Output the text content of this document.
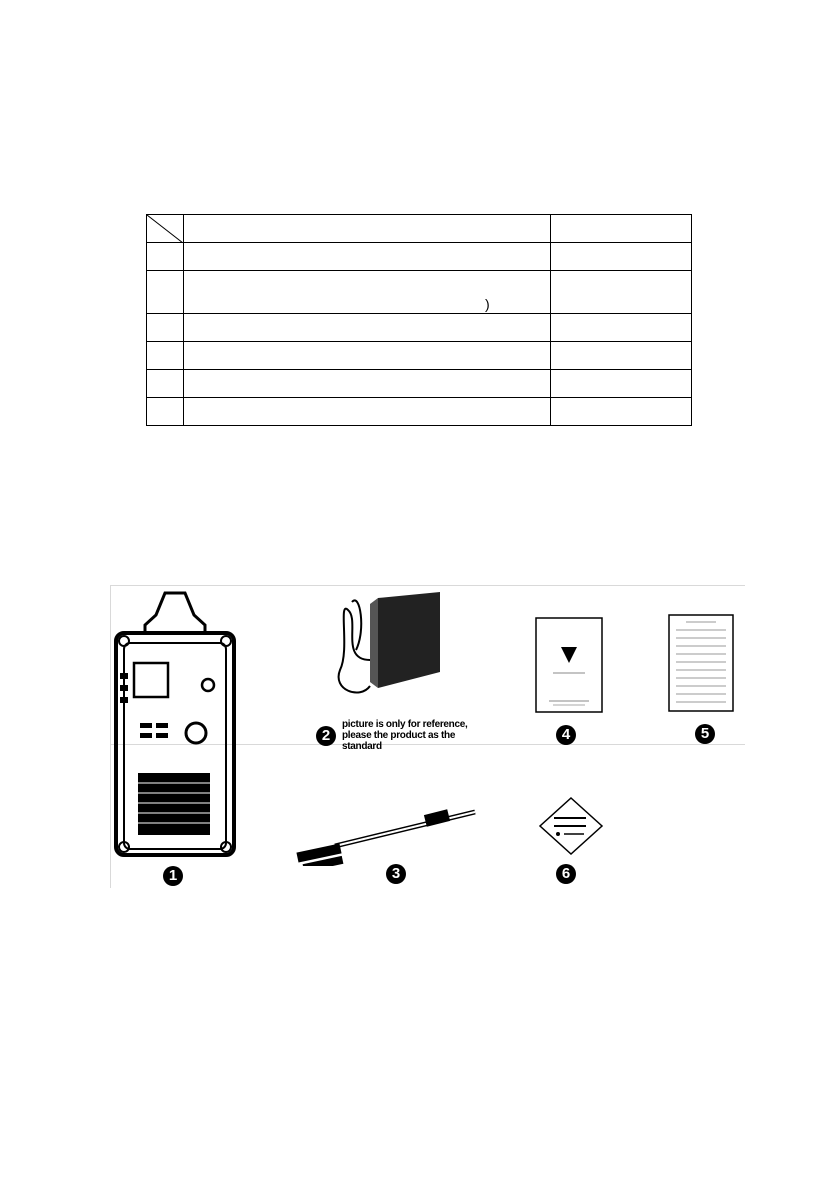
)
1
2
picture is only for reference,
please the product as the
standard
3
4	5
6
